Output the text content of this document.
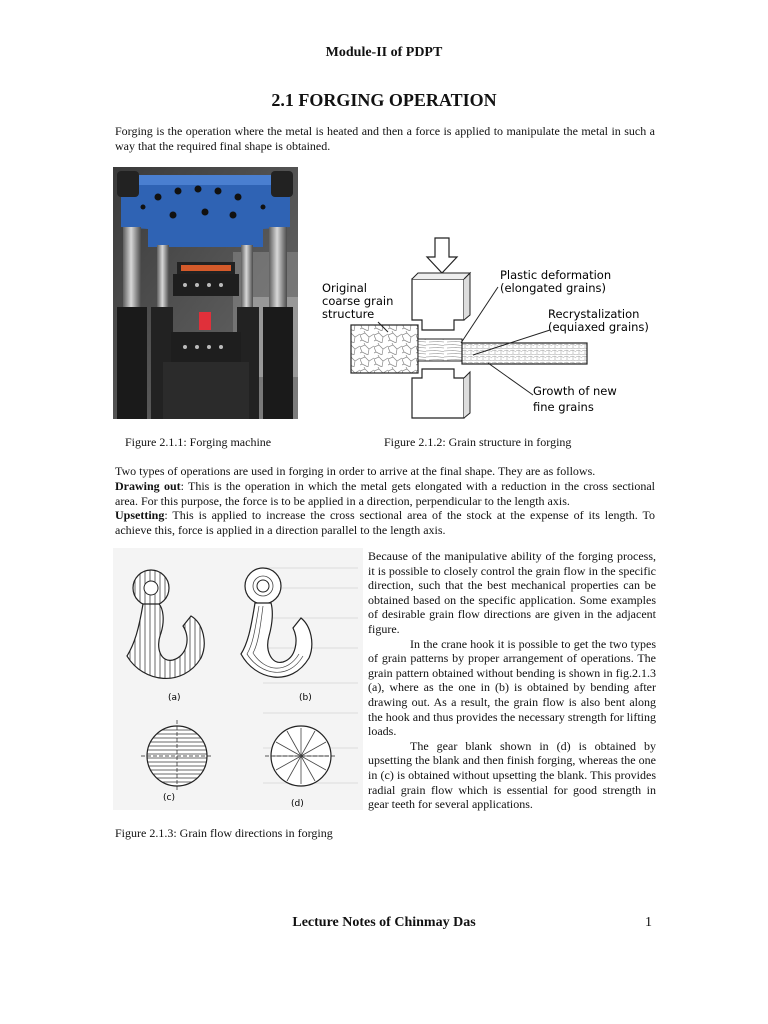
Module-II of PDPT
2.1 FORGING OPERATION
Forging is the operation where the metal is heated and then a force is applied to manipulate the metal in such a way that the required final shape is obtained.
Original
coarse grain
structure
Plastic deformation
(elongated grains)
Recrystalization
(equiaxed grains)
Growth of new
fine grains
Figure 2.1.1: Forging machine	Figure 2.1.2: Grain structure in forging
Two types of operations are used in forging in order to arrive at the final shape. They are as follows.
Drawing out: This is the operation in which the metal gets elongated with a reduction in the cross sectional area. For this purpose, the force is to be applied in a direction, perpendicular to the length axis.
Upsetting: This is applied to increase the cross sectional area of the stock at the expense of its length. To achieve this, force is applied in a direction parallel to the length axis.
(a)	(b)
(c)
(d)

Because of the manipulative ability of the forging process, it is possible to closely control the grain flow in the specific direction, such that the best mechanical properties can be obtained based on the specific application. Some examples of desirable grain flow directions are given in the adjacent figure.

In the crane hook it is possible to get the two types of grain patterns by proper arrangement of operations. The grain pattern obtained without bending is shown in fig.2.1.3 (a), where as the one in (b) is obtained by bending after drawing out. As a result, the grain flow is also bent along the hook and thus provides the necessary strength for lifting loads.

The gear blank shown in (d) is obtained by upsetting the blank and then finish forging, whereas the one in (c) is obtained without upsetting the blank. This provides radial grain flow which is essential for good strength in gear teeth for several applications.

Figure 2.1.3: Grain flow directions in forging
Lecture Notes of Chinmay Das	1
